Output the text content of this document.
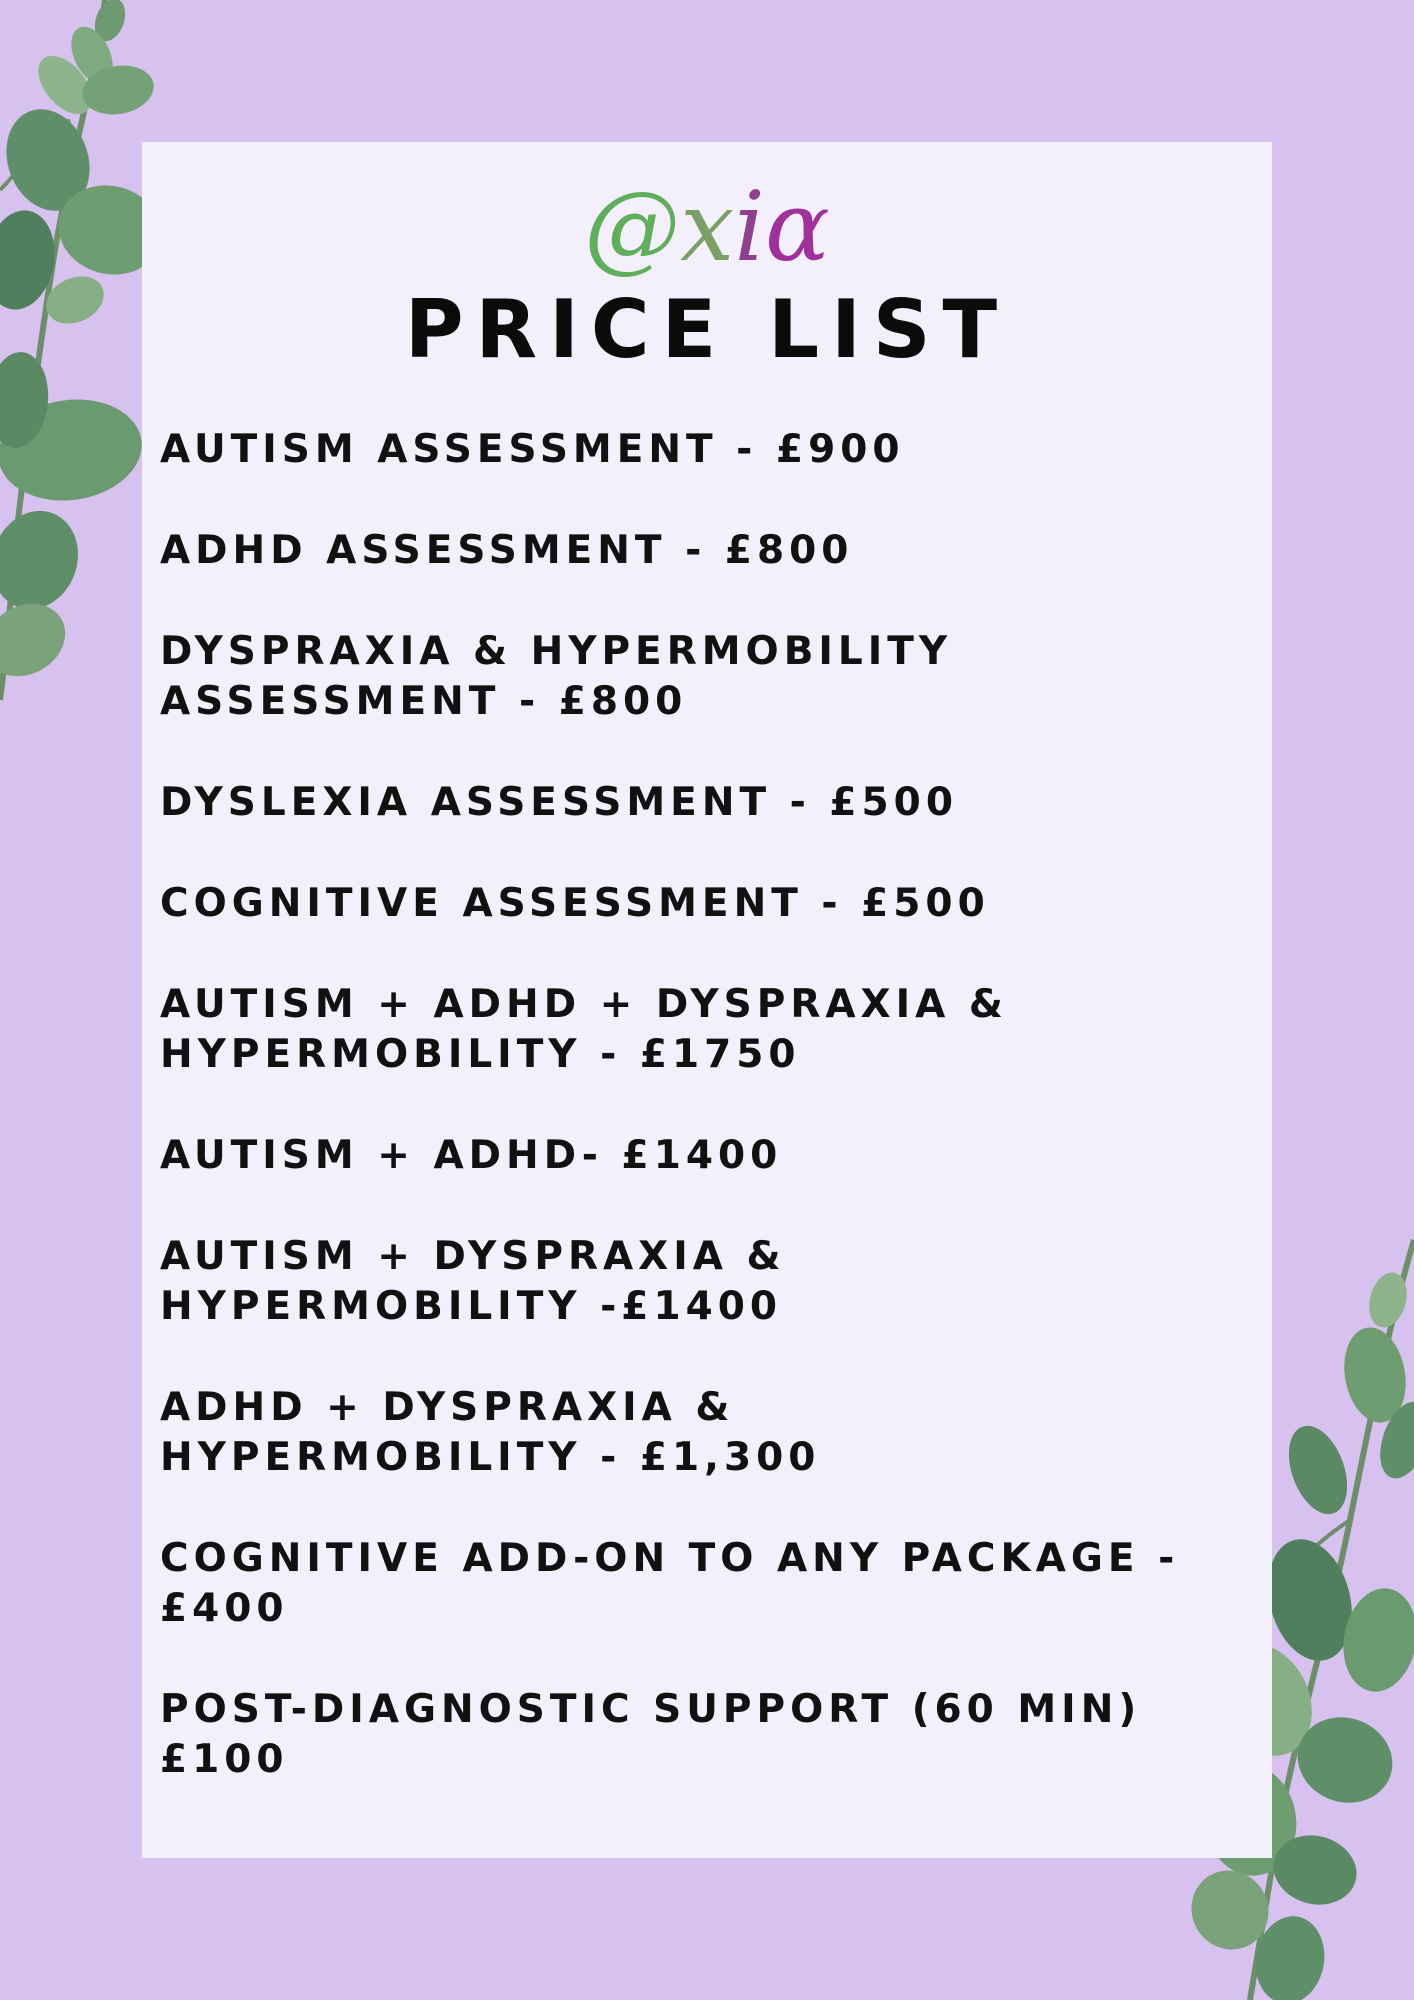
@xiα
PRICE LIST
AUTISM ASSESSMENT - £900
ADHD ASSESSMENT - £800
DYSPRAXIA & HYPERMOBILITY
ASSESSMENT - £800
DYSLEXIA ASSESSMENT - £500
COGNITIVE ASSESSMENT - £500
AUTISM + ADHD + DYSPRAXIA &
HYPERMOBILITY - £1750
AUTISM + ADHD- £1400
AUTISM + DYSPRAXIA &
HYPERMOBILITY -£1400
ADHD + DYSPRAXIA &
HYPERMOBILITY - £1,300
COGNITIVE ADD-ON TO ANY PACKAGE -
£400
POST-DIAGNOSTIC SUPPORT (60 MIN)
£100
